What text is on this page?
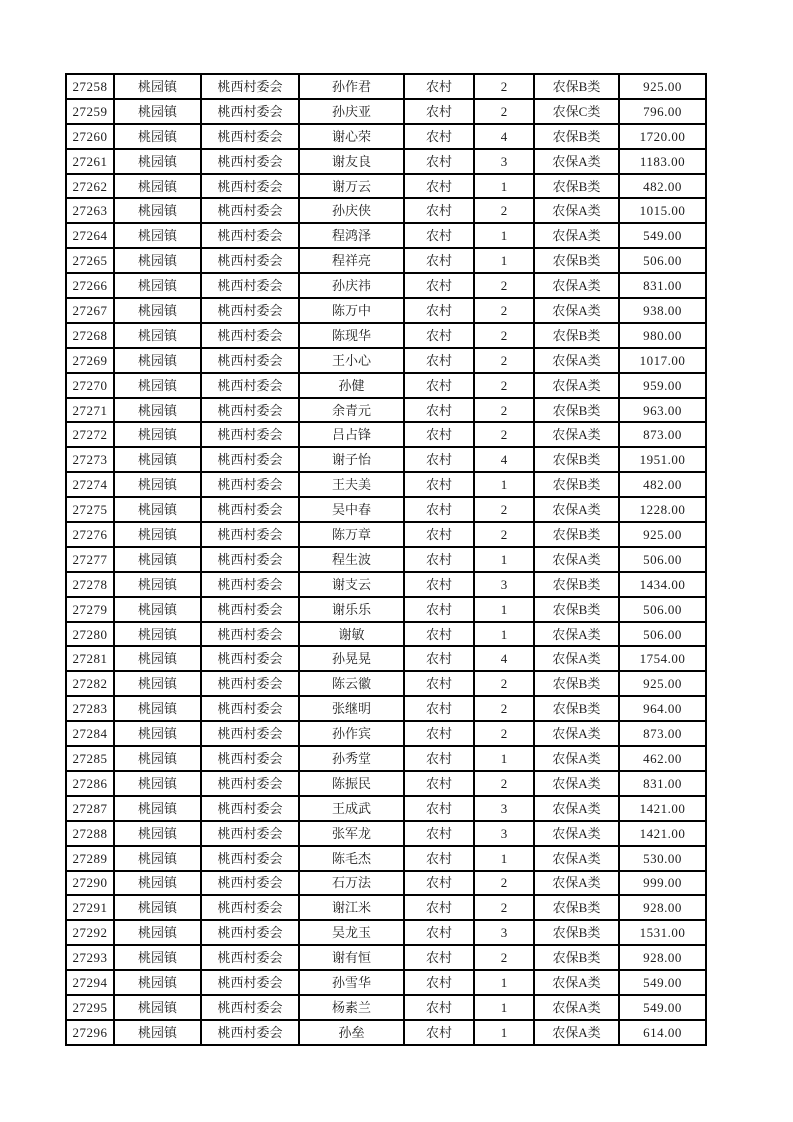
27258	桃园镇	桃西村委会	孙作君	农村	2	农保B类	925.00
27259	桃园镇	桃西村委会	孙庆亚	农村	2	农保C类	796.00
27260	桃园镇	桃西村委会	谢心荣	农村	4	农保B类	1720.00
27261	桃园镇	桃西村委会	谢友良	农村	3	农保A类	1183.00
27262	桃园镇	桃西村委会	谢万云	农村	1	农保B类	482.00
27263	桃园镇	桃西村委会	孙庆侠	农村	2	农保A类	1015.00
27264	桃园镇	桃西村委会	程鸿泽	农村	1	农保A类	549.00
27265	桃园镇	桃西村委会	程祥亮	农村	1	农保B类	506.00
27266	桃园镇	桃西村委会	孙庆祎	农村	2	农保A类	831.00
27267	桃园镇	桃西村委会	陈万中	农村	2	农保A类	938.00
27268	桃园镇	桃西村委会	陈现华	农村	2	农保B类	980.00
27269	桃园镇	桃西村委会	王小心	农村	2	农保A类	1017.00
27270	桃园镇	桃西村委会	孙健	农村	2	农保A类	959.00
27271	桃园镇	桃西村委会	余青元	农村	2	农保B类	963.00
27272	桃园镇	桃西村委会	吕占锋	农村	2	农保A类	873.00
27273	桃园镇	桃西村委会	谢子怡	农村	4	农保B类	1951.00
27274	桃园镇	桃西村委会	王夫美	农村	1	农保B类	482.00
27275	桃园镇	桃西村委会	吴中春	农村	2	农保A类	1228.00
27276	桃园镇	桃西村委会	陈万章	农村	2	农保B类	925.00
27277	桃园镇	桃西村委会	程生波	农村	1	农保A类	506.00
27278	桃园镇	桃西村委会	谢支云	农村	3	农保B类	1434.00
27279	桃园镇	桃西村委会	谢乐乐	农村	1	农保B类	506.00
27280	桃园镇	桃西村委会	谢敏	农村	1	农保A类	506.00
27281	桃园镇	桃西村委会	孙晃晃	农村	4	农保A类	1754.00
27282	桃园镇	桃西村委会	陈云徽	农村	2	农保B类	925.00
27283	桃园镇	桃西村委会	张继明	农村	2	农保B类	964.00
27284	桃园镇	桃西村委会	孙作宾	农村	2	农保A类	873.00
27285	桃园镇	桃西村委会	孙秀堂	农村	1	农保A类	462.00
27286	桃园镇	桃西村委会	陈振民	农村	2	农保A类	831.00
27287	桃园镇	桃西村委会	王成武	农村	3	农保A类	1421.00
27288	桃园镇	桃西村委会	张军龙	农村	3	农保A类	1421.00
27289	桃园镇	桃西村委会	陈毛杰	农村	1	农保A类	530.00
27290	桃园镇	桃西村委会	石万法	农村	2	农保A类	999.00
27291	桃园镇	桃西村委会	谢江米	农村	2	农保B类	928.00
27292	桃园镇	桃西村委会	吴龙玉	农村	3	农保B类	1531.00
27293	桃园镇	桃西村委会	谢有恒	农村	2	农保B类	928.00
27294	桃园镇	桃西村委会	孙雪华	农村	1	农保A类	549.00
27295	桃园镇	桃西村委会	杨素兰	农村	1	农保A类	549.00
27296	桃园镇	桃西村委会	孙垒	农村	1	农保A类	614.00
